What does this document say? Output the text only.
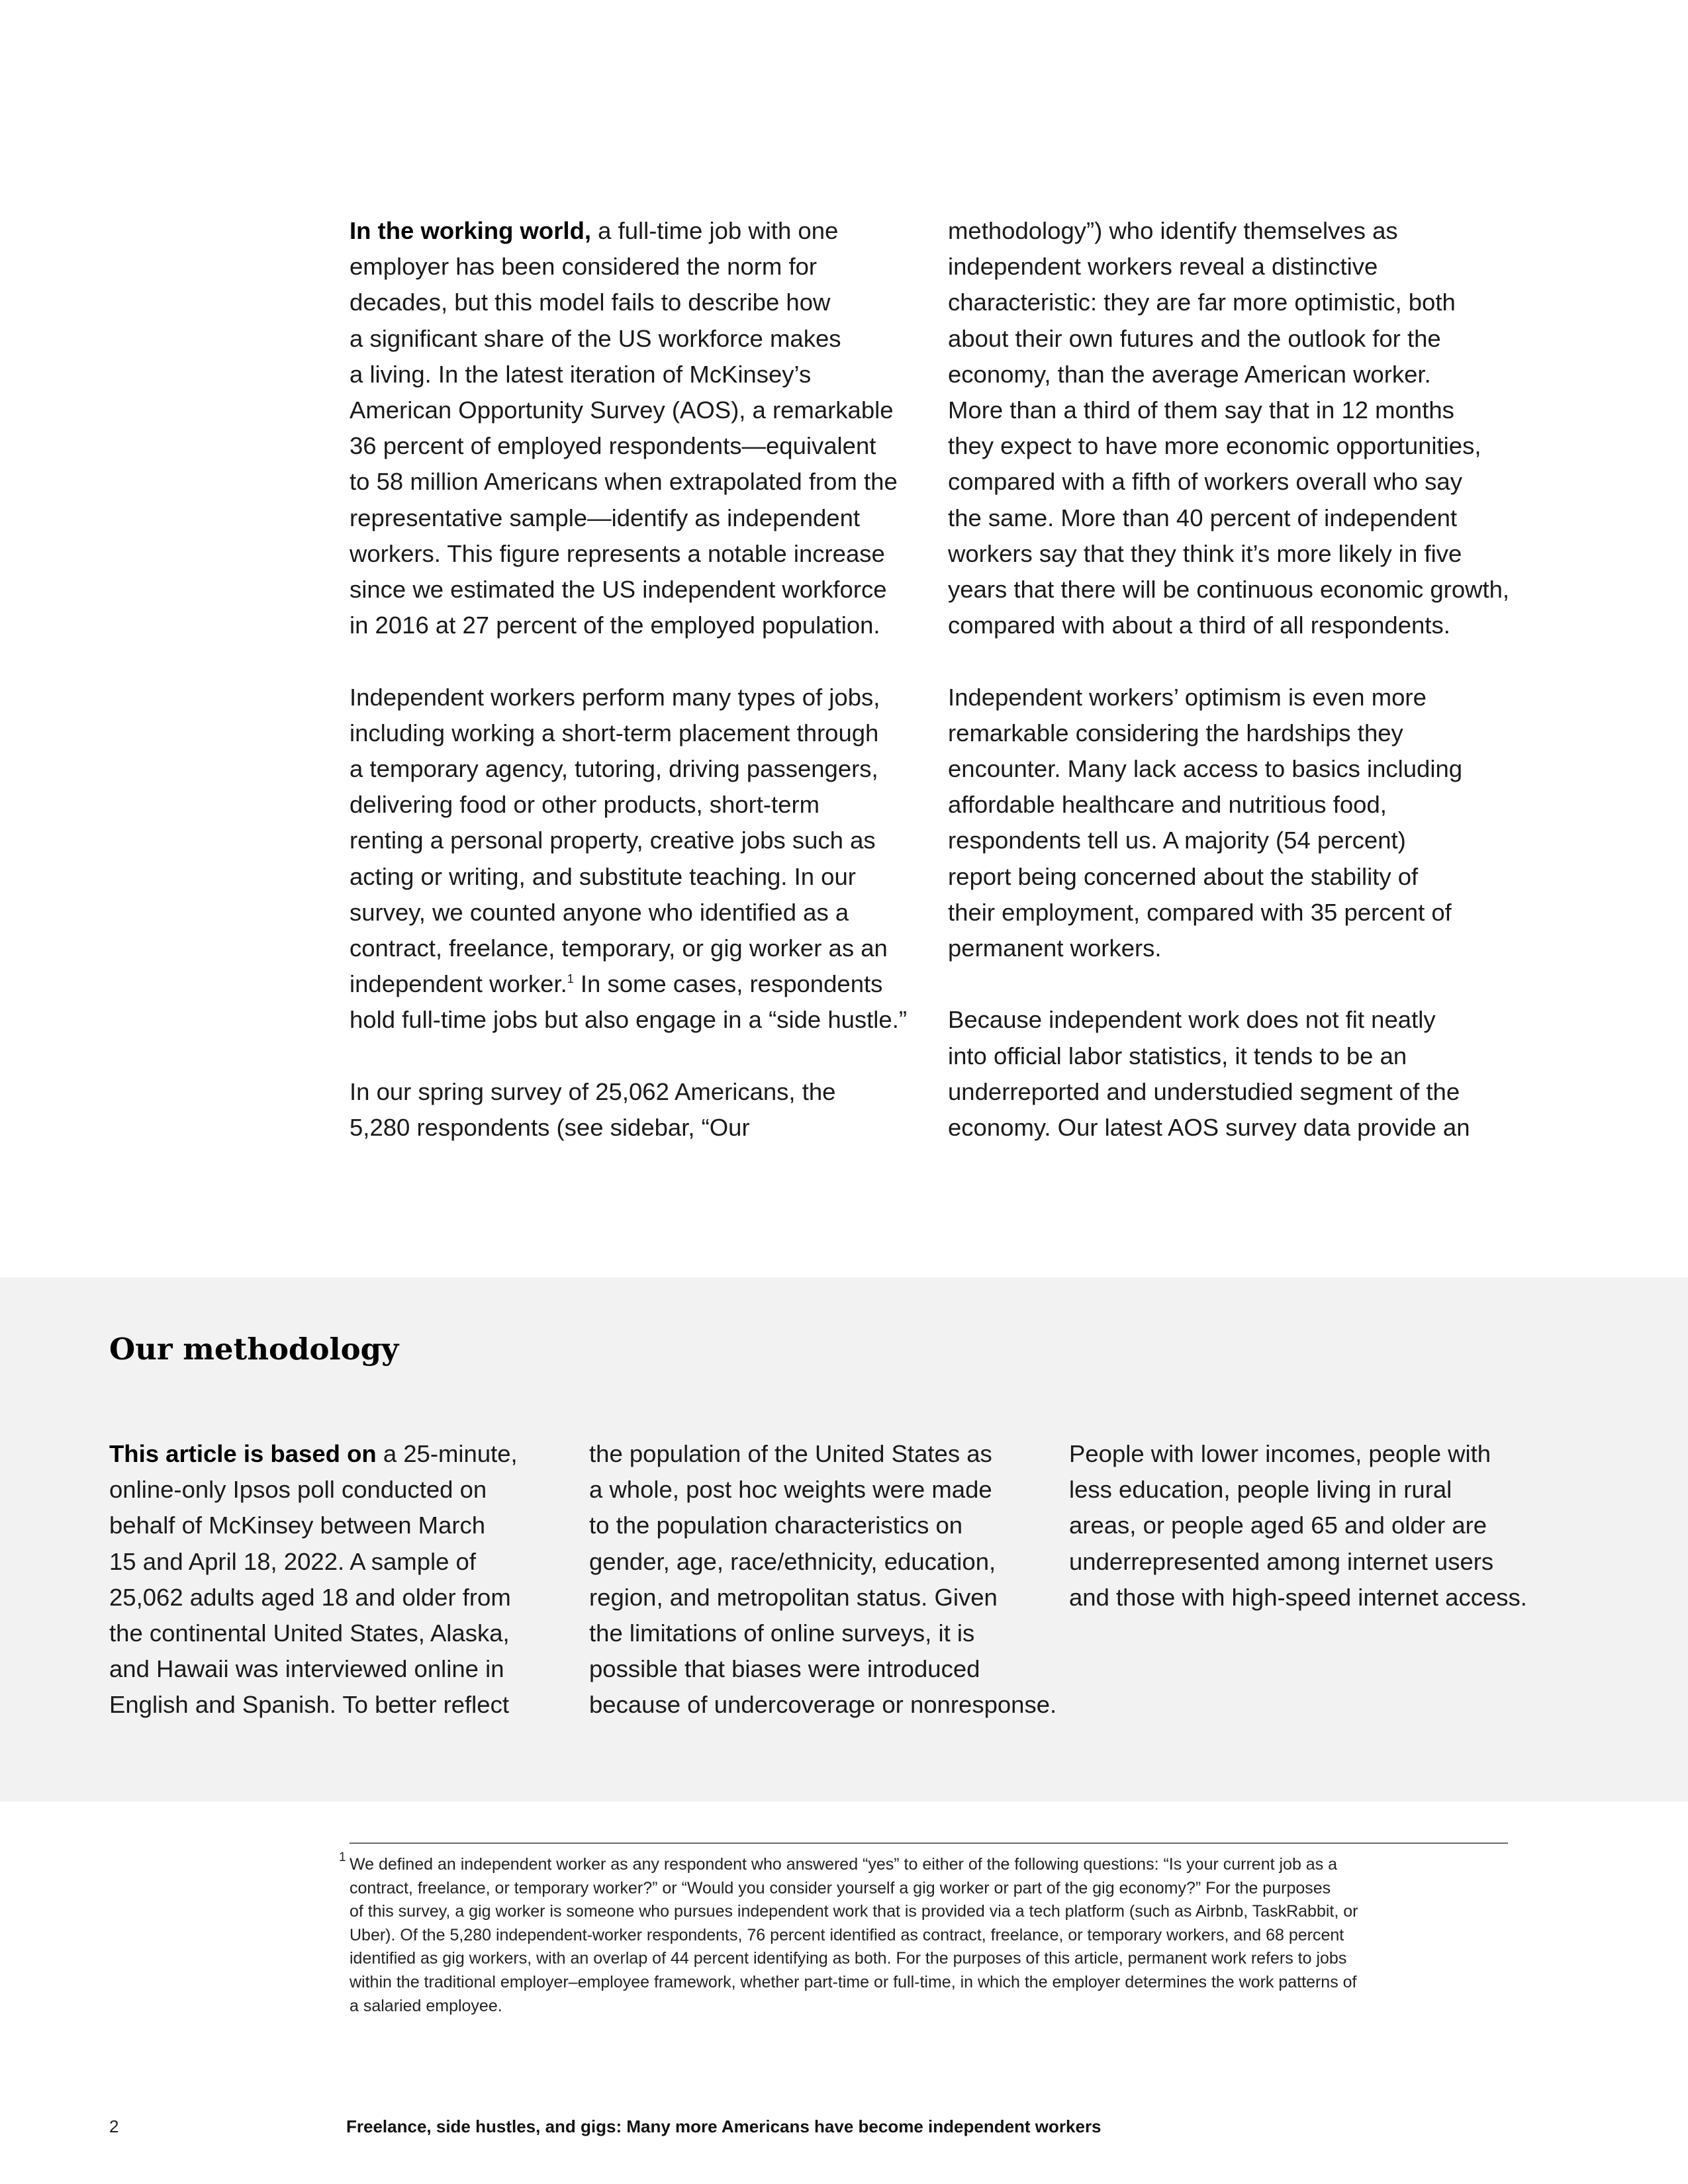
In the working world, a full-time job with one
employer has been considered the norm for
decades, but this model fails to describe how
a significant share of the US workforce makes
a living. In the latest iteration of McKinsey’s
American Opportunity Survey (AOS), a remarkable
36 percent of employed respondents—equivalent
to 58 million Americans when extrapolated from the
representative sample—identify as independent
workers. This figure represents a notable increase
since we estimated the US independent workforce
in 2016 at 27 percent of the employed population.

Independent workers perform many types of jobs,
including working a short-term placement through
a temporary agency, tutoring, driving passengers,
delivering food or other products, short-term
renting a personal property, creative jobs such as
acting or writing, and substitute teaching. In our
survey, we counted anyone who identified as a
contract, freelance, temporary, or gig worker as an
independent worker.$^1$ In some cases, respondents
hold full-time jobs but also engage in a “side hustle.”

In our spring survey of 25,062 Americans, the
5,280 respondents (see sidebar, “Our

methodology”) who identify themselves as
independent workers reveal a distinctive
characteristic: they are far more optimistic, both
about their own futures and the outlook for the
economy, than the average American worker.
More than a third of them say that in 12 months
they expect to have more economic opportunities,
compared with a fifth of workers overall who say
the same. More than 40 percent of independent
workers say that they think it’s more likely in five
years that there will be continuous economic growth,
compared with about a third of all respondents.

Independent workers’ optimism is even more
remarkable considering the hardships they
encounter. Many lack access to basics including
affordable healthcare and nutritious food,
respondents tell us. A majority (54 percent)
report being concerned about the stability of
their employment, compared with 35 percent of
permanent workers.

Because independent work does not fit neatly
into official labor statistics, it tends to be an
underreported and understudied segment of the
economy. Our latest AOS survey data provide an

Our methodology
This article is based on a 25-minute,
online-only Ipsos poll conducted on
behalf of McKinsey between March
15 and April 18, 2022. A sample of
25,062 adults aged 18 and older from
the continental United States, Alaska,
and Hawaii was interviewed online in
English and Spanish. To better reflect
the population of the United States as
a whole, post hoc weights were made
to the population characteristics on
gender, age, race/ethnicity, education,
region, and metropolitan status. Given
the limitations of online surveys, it is
possible that biases were introduced
because of undercoverage or nonresponse.
People with lower incomes, people with
less education, people living in rural
areas, or people aged 65 and older are
underrepresented among internet users
and those with high-speed internet access.
1 We defined an independent worker as any respondent who answered “yes” to either of the following questions: “Is your current job as a
contract, freelance, or temporary worker?” or “Would you consider yourself a gig worker or part of the gig economy?” For the purposes
of this survey, a gig worker is someone who pursues independent work that is provided via a tech platform (such as Airbnb, TaskRabbit, or
Uber). Of the 5,280 independent-worker respondents, 76 percent identified as contract, freelance, or temporary workers, and 68 percent
identified as gig workers, with an overlap of 44 percent identifying as both. For the purposes of this article, permanent work refers to jobs
within the traditional employer–employee framework, whether part-time or full-time, in which the employer determines the work patterns of
a salaried employee.
2	Freelance, side hustles, and gigs: Many more Americans have become independent workers
